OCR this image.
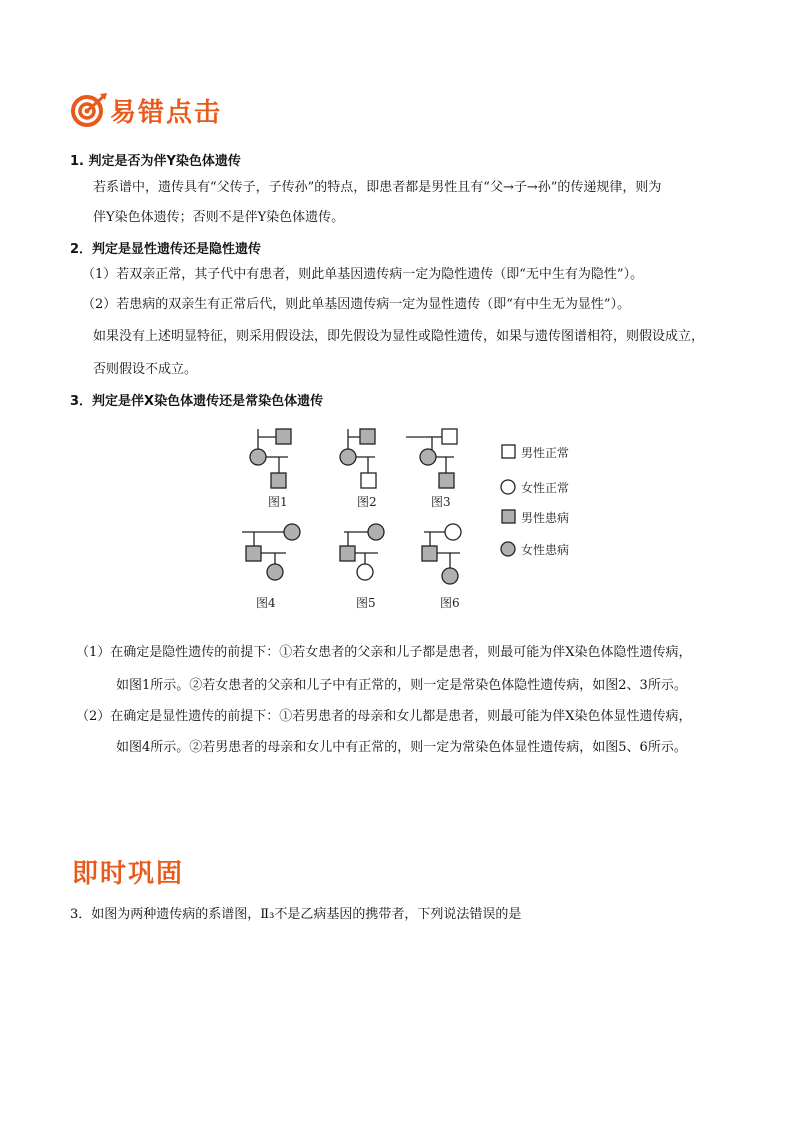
易错点击
1. 判定是否为伴Y染色体遗传
若系谱中，遗传具有“父传子，子传孙”的特点，即患者都是男性且有“父→子→孙”的传递规律，则为
伴Y染色体遗传；否则不是伴Y染色体遗传。
2．判定是显性遗传还是隐性遗传
（1）若双亲正常，其子代中有患者，则此单基因遗传病一定为隐性遗传（即“无中生有为隐性”）。
（2）若患病的双亲生有正常后代，则此单基因遗传病一定为显性遗传（即“有中生无为显性”）。
如果没有上述明显特征，则采用假设法，即先假设为显性或隐性遗传，如果与遗传图谱相符，则假设成立，
否则假设不成立。
3．判定是伴X染色体遗传还是常染色体遗传
图1	图2	图3
图4	图5	图6
男性正常
女性正常
男性患病
女性患病
（1）在确定是隐性遗传的前提下：①若女患者的父亲和儿子都是患者，则最可能为伴X染色体隐性遗传病，
如图1所示。②若女患者的父亲和儿子中有正常的，则一定是常染色体隐性遗传病，如图2、3所示。
（2）在确定是显性遗传的前提下：①若男患者的母亲和女儿都是患者，则最可能为伴X染色体显性遗传病，
如图4所示。②若男患者的母亲和女儿中有正常的，则一定为常染色体显性遗传病，如图5、6所示。
即时巩固
3．如图为两种遗传病的系谱图，Ⅱ₃不是乙病基因的携带者，下列说法错误的是
